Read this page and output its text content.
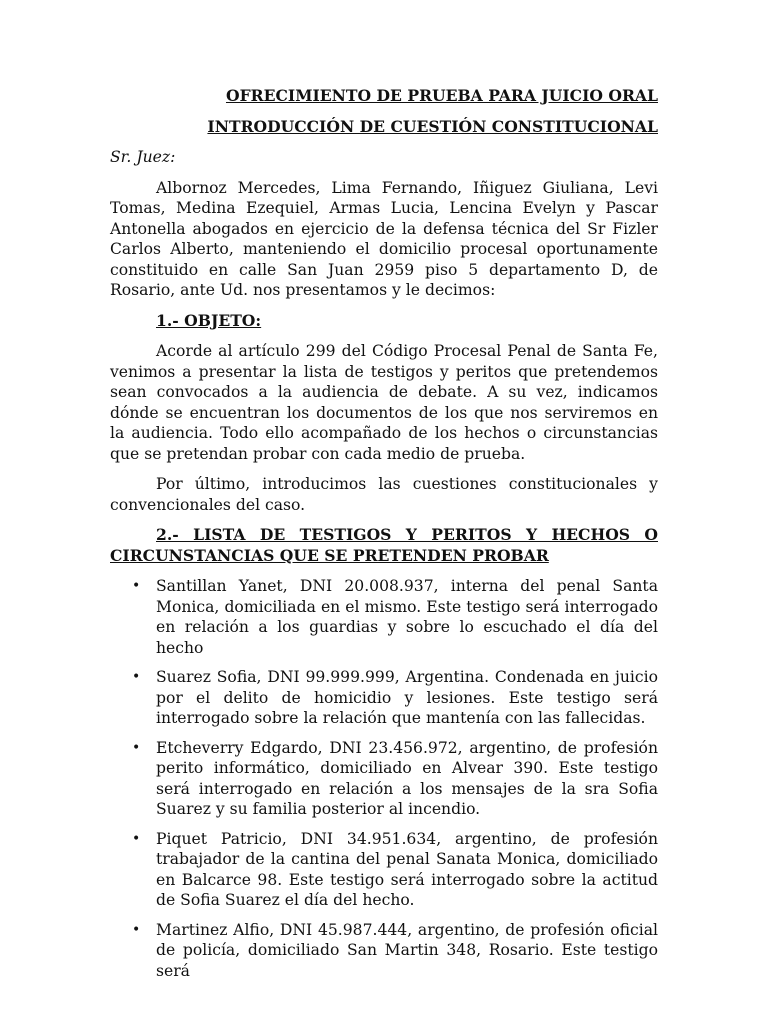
OFRECIMIENTO DE PRUEBA PARA JUICIO ORAL

INTRODUCCIÓN DE CUESTIÓN CONSTITUCIONAL

Sr. Juez:

Albornoz Mercedes, Lima Fernando, Iñiguez Giuliana, Levi Tomas, Medina Ezequiel, Armas Lucia, Lencina Evelyn y Pascar Antonella abogados en ejercicio de la defensa técnica del Sr Fizler Carlos Alberto, manteniendo el domicilio procesal oportunamente constituido en calle San Juan 2959 piso 5 departamento D, de Rosario, ante Ud. nos presentamos y le decimos:

1.- OBJETO:

Acorde al artículo 299 del Código Procesal Penal de Santa Fe, venimos a presentar la lista de testigos y peritos que pretendemos sean convocados a la audiencia de debate. A su vez, indicamos dónde se encuentran los documentos de los que nos serviremos en la audiencia. Todo ello acompañado de los hechos o circunstancias que se pretendan probar con cada medio de prueba.

Por último, introducimos las cuestiones constitucionales y convencionales del caso.

2.- LISTA DE TESTIGOS Y PERITOS Y HECHOS O CIRCUNSTANCIAS QUE SE PRETENDEN PROBAR

• Santillan Yanet, DNI 20.008.937, interna del penal Santa Monica, domiciliada en el mismo. Este testigo será interrogado en relación a los guardias y sobre lo escuchado el día del hecho
• Suarez Sofia, DNI 99.999.999, Argentina. Condenada en juicio por el delito de homicidio y lesiones. Este testigo será interrogado sobre la relación que mantenía con las fallecidas.
• Etcheverry Edgardo, DNI 23.456.972, argentino, de profesión perito informático, domiciliado en Alvear 390. Este testigo será interrogado en relación a los mensajes de la sra Sofia Suarez y su familia posterior al incendio.
• Piquet Patricio, DNI 34.951.634, argentino, de profesión trabajador de la cantina del penal Sanata Monica, domiciliado en Balcarce 98. Este testigo será interrogado sobre la actitud de Sofia Suarez el día del hecho.
• Martinez Alfio, DNI 45.987.444, argentino, de profesión oficial de policía, domiciliado San Martin 348, Rosario. Este testigo será
